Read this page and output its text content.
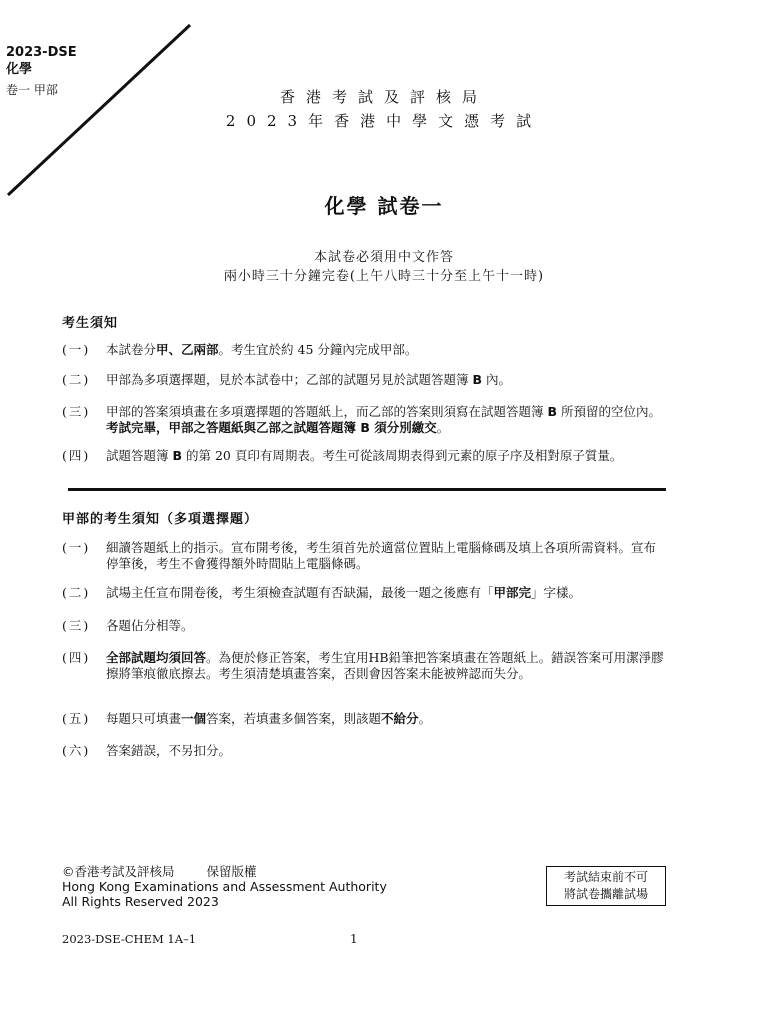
2023-DSE
化學
卷一 甲部	香港考試及評核局
2023年香港中學文憑考試
化學 試卷一
本試卷必須用中文作答
兩小時三十分鐘完卷(上午八時三十分至上午十一時)
考生須知
(一)	本試卷分甲、乙兩部。考生宜於約 45 分鐘內完成甲部。
(二)	甲部為多項選擇題，見於本試卷中；乙部的試題另見於試題答題簿 B 內。
(三)	甲部的答案須填畫在多項選擇題的答題紙上，而乙部的答案則須寫在試題答題簿 B 所預留的空位內。考試完畢，甲部之答題紙與乙部之試題答題簿 B 須分別繳交。
(四)	試題答題簿 B 的第 20 頁印有周期表。考生可從該周期表得到元素的原子序及相對原子質量。
甲部的考生須知（多項選擇題）
(一)	細讀答題紙上的指示。宣布開考後，考生須首先於適當位置貼上電腦條碼及填上各項所需資料。宣布停筆後，考生不會獲得額外時間貼上電腦條碼。
(二)	試場主任宣布開卷後，考生須檢查試題有否缺漏，最後一題之後應有「甲部完」字樣。
(三)	各題佔分相等。
(四)	全部試題均須回答。為便於修正答案，考生宜用HB鉛筆把答案填畫在答題紙上。錯誤答案可用潔淨膠擦將筆痕徹底擦去。考生須清楚填畫答案，否則會因答案未能被辨認而失分。
(五)	每題只可填畫一個答案，若填畫多個答案，則該題不給分。
(六)	答案錯誤，不另扣分。
©香港考試及評核局	保留版權
Hong Kong Examinations and Assessment Authority
All Rights Reserved 2023
考試結束前不可
將試卷攜離試場
2023-DSE-CHEM 1A–1	1
